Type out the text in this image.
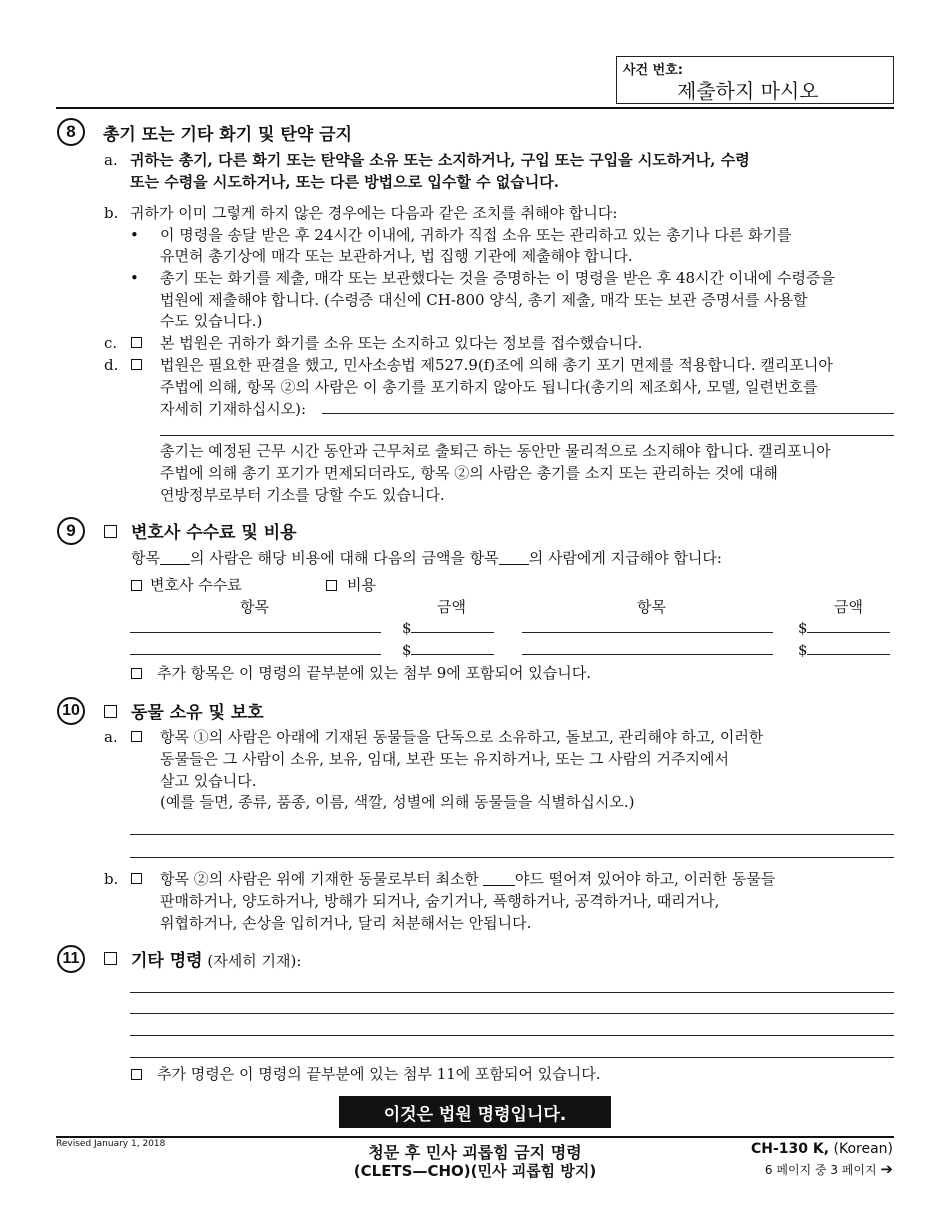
사건 번호:
제출하지 마시오
8	총기 또는 기타 화기 및 탄약 금지
a. 귀하는 총기, 다른 화기 또는 탄약을 소유 또는 소지하거나, 구입 또는 구입을 시도하거나, 수령
또는 수령을 시도하거나, 또는 다른 방법으로 입수할 수 없습니다.
b. 귀하가 이미 그렇게 하지 않은 경우에는 다음과 같은 조치를 취해야 합니다:
• 이 명령을 송달 받은 후 24시간 이내에, 귀하가 직접 소유 또는 관리하고 있는 총기나 다른 화기를
유면허 총기상에 매각 또는 보관하거나, 법 집행 기관에 제출해야 합니다.
• 총기 또는 화기를 제출, 매각 또는 보관했다는 것을 증명하는 이 명령을 받은 후 48시간 이내에 수령증을
법원에 제출해야 합니다. (수령증 대신에 CH-800 양식, 총기 제출, 매각 또는 보관 증명서를 사용할
수도 있습니다.)
c.	본 법원은 귀하가 화기를 소유 또는 소지하고 있다는 정보를 접수했습니다.
d.	법원은 필요한 판결을 했고, 민사소송법 제527.9(f)조에 의해 총기 포기 면제를 적용합니다. 캘리포니아
주법에 의해, 항목 ②의 사람은 이 총기를 포기하지 않아도 됩니다(총기의 제조회사, 모델, 일련번호를
자세히 기재하십시오):
총기는 예정된 근무 시간 동안과 근무처로 출퇴근 하는 동안만 물리적으로 소지해야 합니다. 캘리포니아
주법에 의해 총기 포기가 면제되더라도, 항목 ②의 사람은 총기를 소지 또는 관리하는 것에 대해
연방정부로부터 기소를 당할 수도 있습니다.
9	변호사 수수료 및 비용
항목 의 사람은 해당 비용에 대해 다음의 금액을 항목 의 사람에게 지급해야 합니다:
변호사 수수료	비용
항목	금액	항목	금액
$	$
$	$
추가 항목은 이 명령의 끝부분에 있는 첨부 9에 포함되어 있습니다.
10	동물 소유 및 보호
a.	항목 ①의 사람은 아래에 기재된 동물들을 단독으로 소유하고, 돌보고, 관리해야 하고, 이러한
동물들은 그 사람이 소유, 보유, 임대, 보관 또는 유지하거나, 또는 그 사람의 거주지에서
살고 있습니다.
(예를 들면, 종류, 품종, 이름, 색깔, 성별에 의해 동물들을 식별하십시오.)
b.	항목 ②의 사람은 위에 기재한 동물로부터 최소한 야드 떨어져 있어야 하고, 이러한 동물들
판매하거나, 양도하거나, 방해가 되거나, 숨기거나, 폭행하거나, 공격하거나, 때리거나,
위협하거나, 손상을 입히거나, 달리 처분해서는 안됩니다.
11	기타 명령 (자세히 기재):
추가 명령은 이 명령의 끝부분에 있는 첨부 11에 포함되어 있습니다.
이것은 법원 명령입니다.
Revised January 1, 2018	청문 후 민사 괴롭힘 금지 명령
(CLETS—CHO)(민사 괴롭힘 방지)
CH-130 K, (Korean)
6 페이지 중 3 페이지 ➔
